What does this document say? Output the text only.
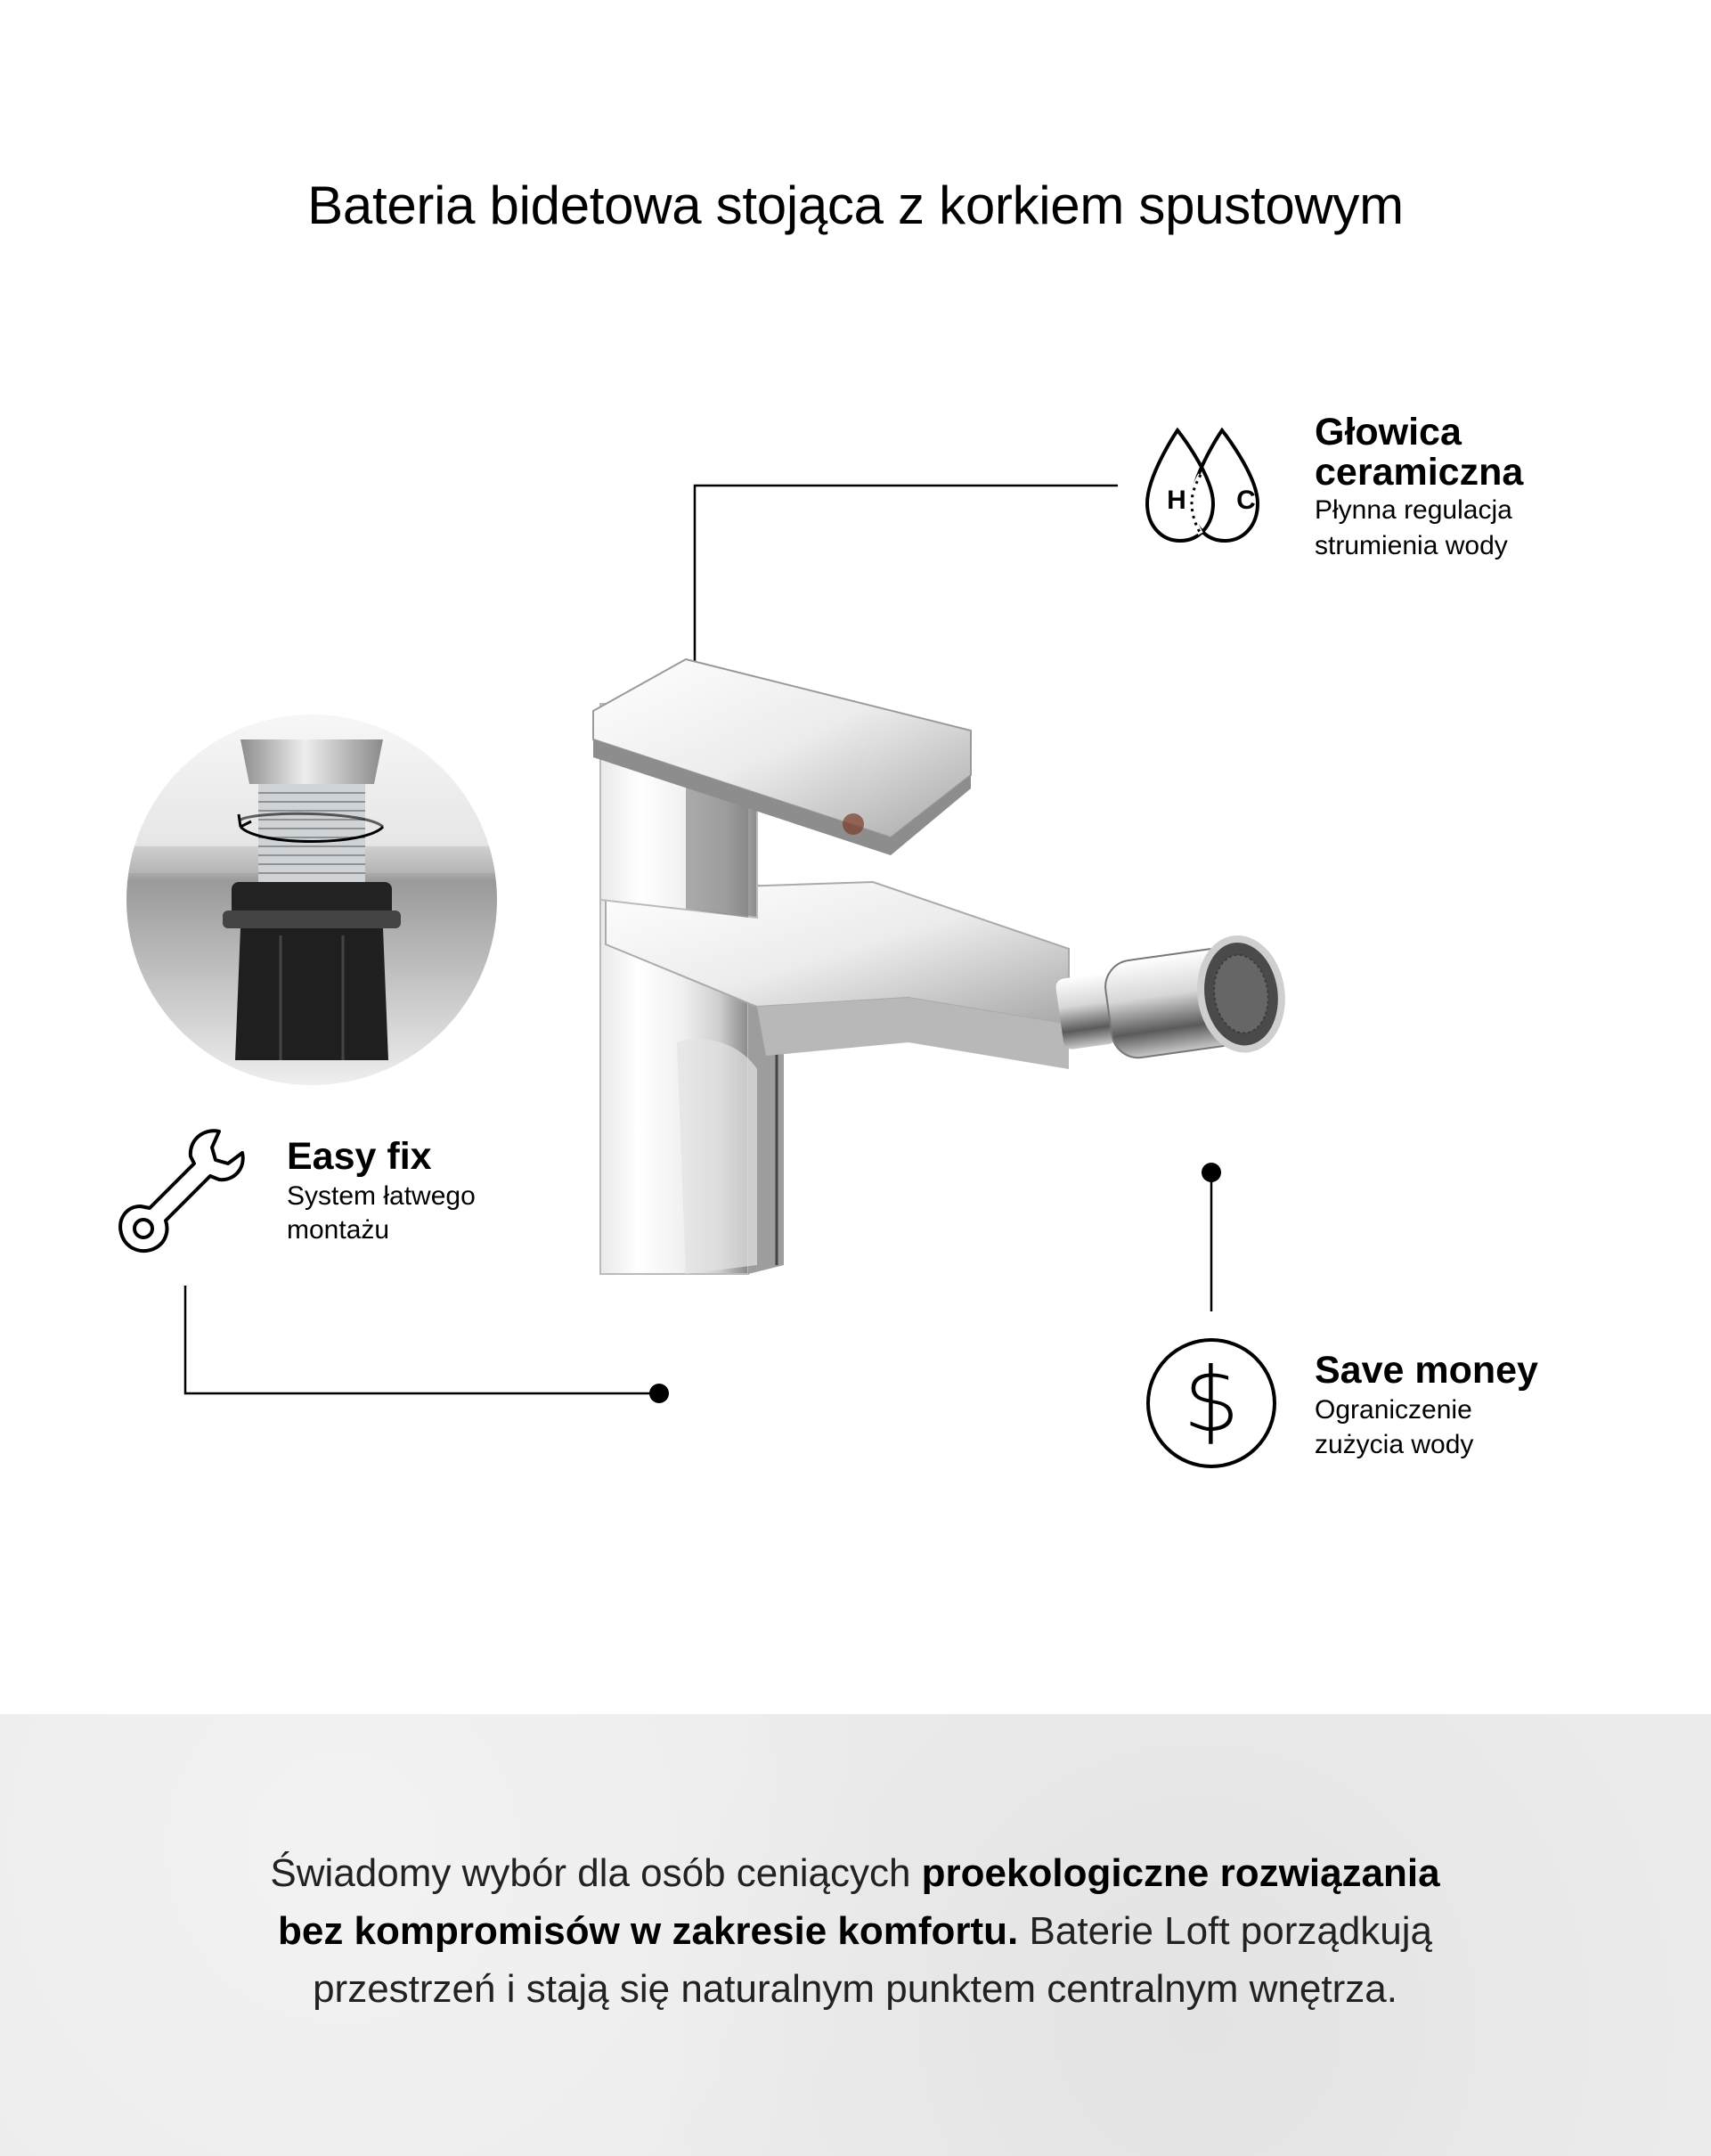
Bateria bidetowa stojąca z korkiem spustowym
H C
Głowica
ceramiczna
Płynna regulacja
strumienia wody
Easy fix
System łatwego
montażu
$	Save money
Ograniczenie
zużycia wody
Świadomy wybór dla osób ceniących proekologiczne rozwiązania
bez kompromisów w zakresie komfortu. Baterie Loft porządkują
przestrzeń i stają się naturalnym punktem centralnym wnętrza.
